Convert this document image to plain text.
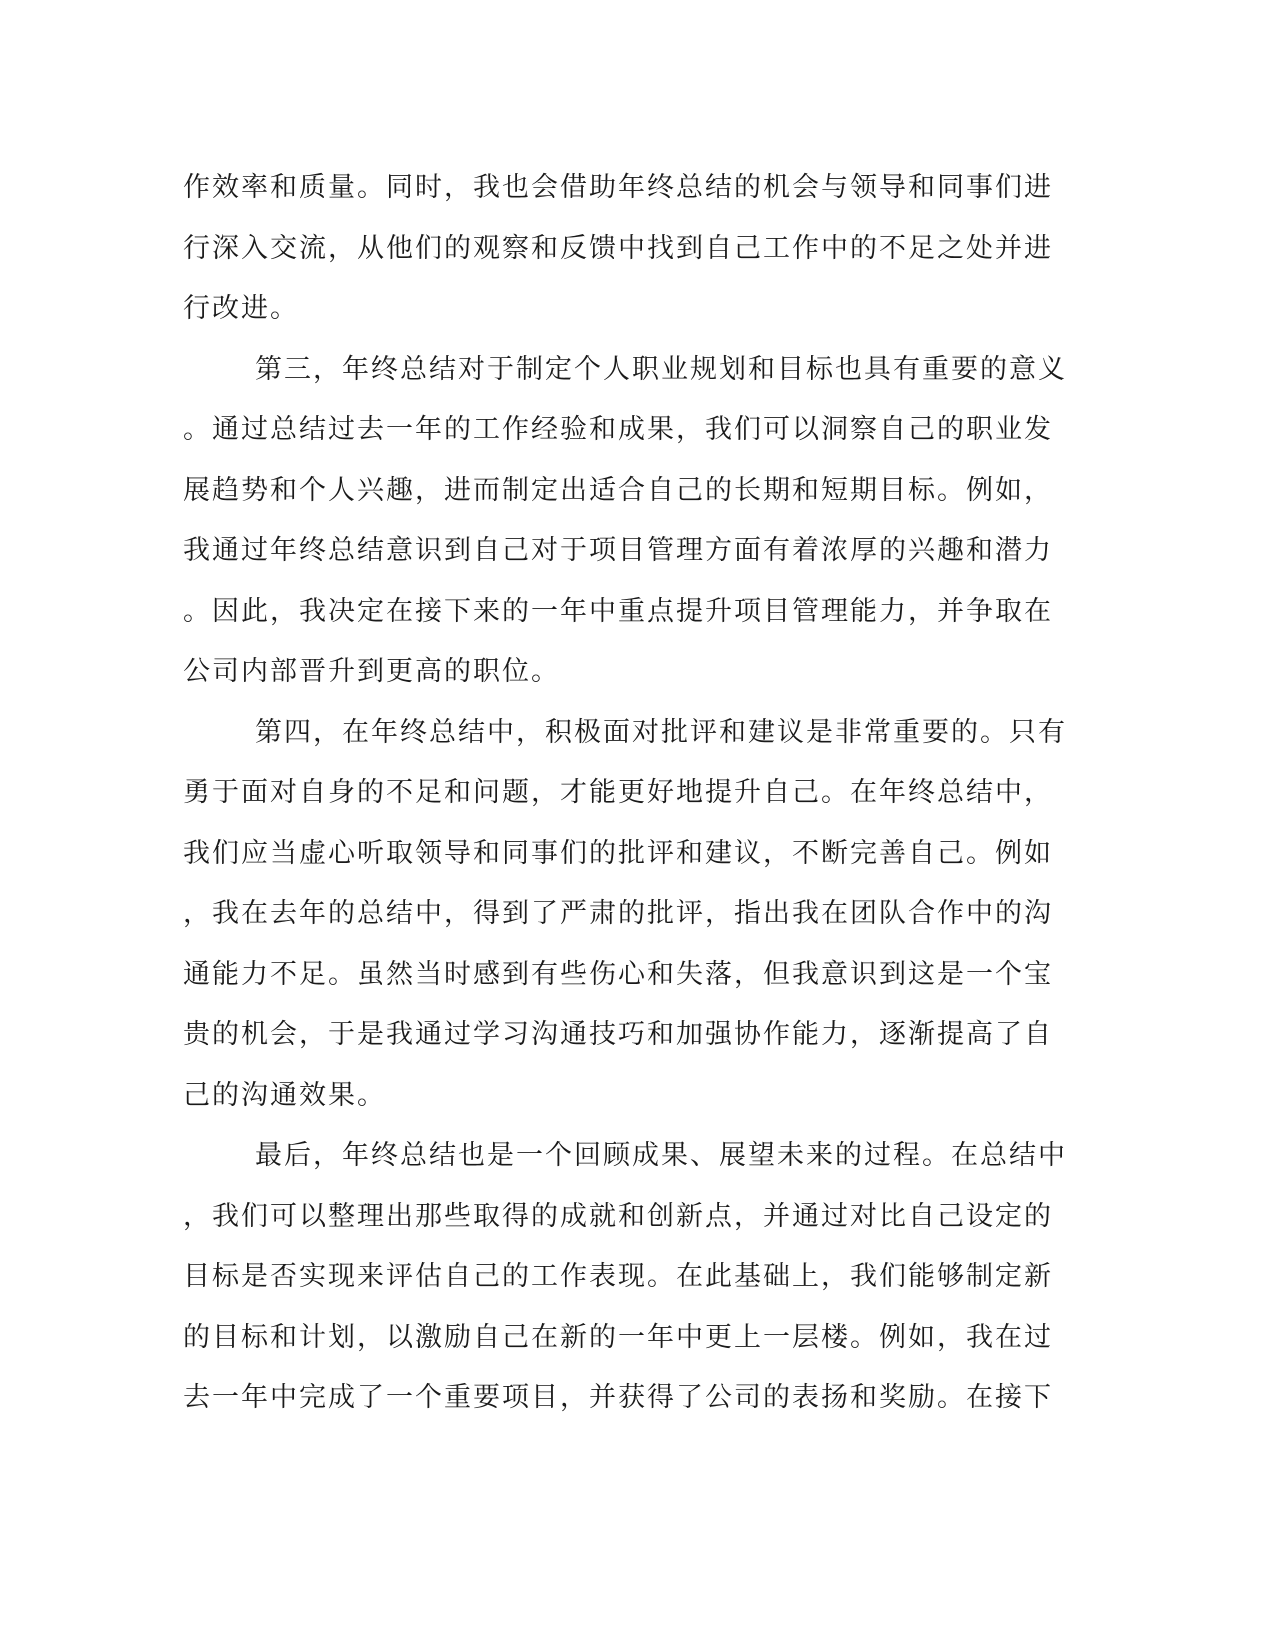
作效率和质量。同时，我也会借助年终总结的机会与领导和同事们进
行深入交流，从他们的观察和反馈中找到自己工作中的不足之处并进
行改进。
第三，年终总结对于制定个人职业规划和目标也具有重要的意义
。通过总结过去一年的工作经验和成果，我们可以洞察自己的职业发
展趋势和个人兴趣，进而制定出适合自己的长期和短期目标。例如，
我通过年终总结意识到自己对于项目管理方面有着浓厚的兴趣和潜力
。因此，我决定在接下来的一年中重点提升项目管理能力，并争取在
公司内部晋升到更高的职位。
第四，在年终总结中，积极面对批评和建议是非常重要的。只有
勇于面对自身的不足和问题，才能更好地提升自己。在年终总结中，
我们应当虚心听取领导和同事们的批评和建议，不断完善自己。例如
，我在去年的总结中，得到了严肃的批评，指出我在团队合作中的沟
通能力不足。虽然当时感到有些伤心和失落，但我意识到这是一个宝
贵的机会，于是我通过学习沟通技巧和加强协作能力，逐渐提高了自
己的沟通效果。
最后，年终总结也是一个回顾成果、展望未来的过程。在总结中
，我们可以整理出那些取得的成就和创新点，并通过对比自己设定的
目标是否实现来评估自己的工作表现。在此基础上，我们能够制定新
的目标和计划，以激励自己在新的一年中更上一层楼。例如，我在过
去一年中完成了一个重要项目，并获得了公司的表扬和奖励。在接下
